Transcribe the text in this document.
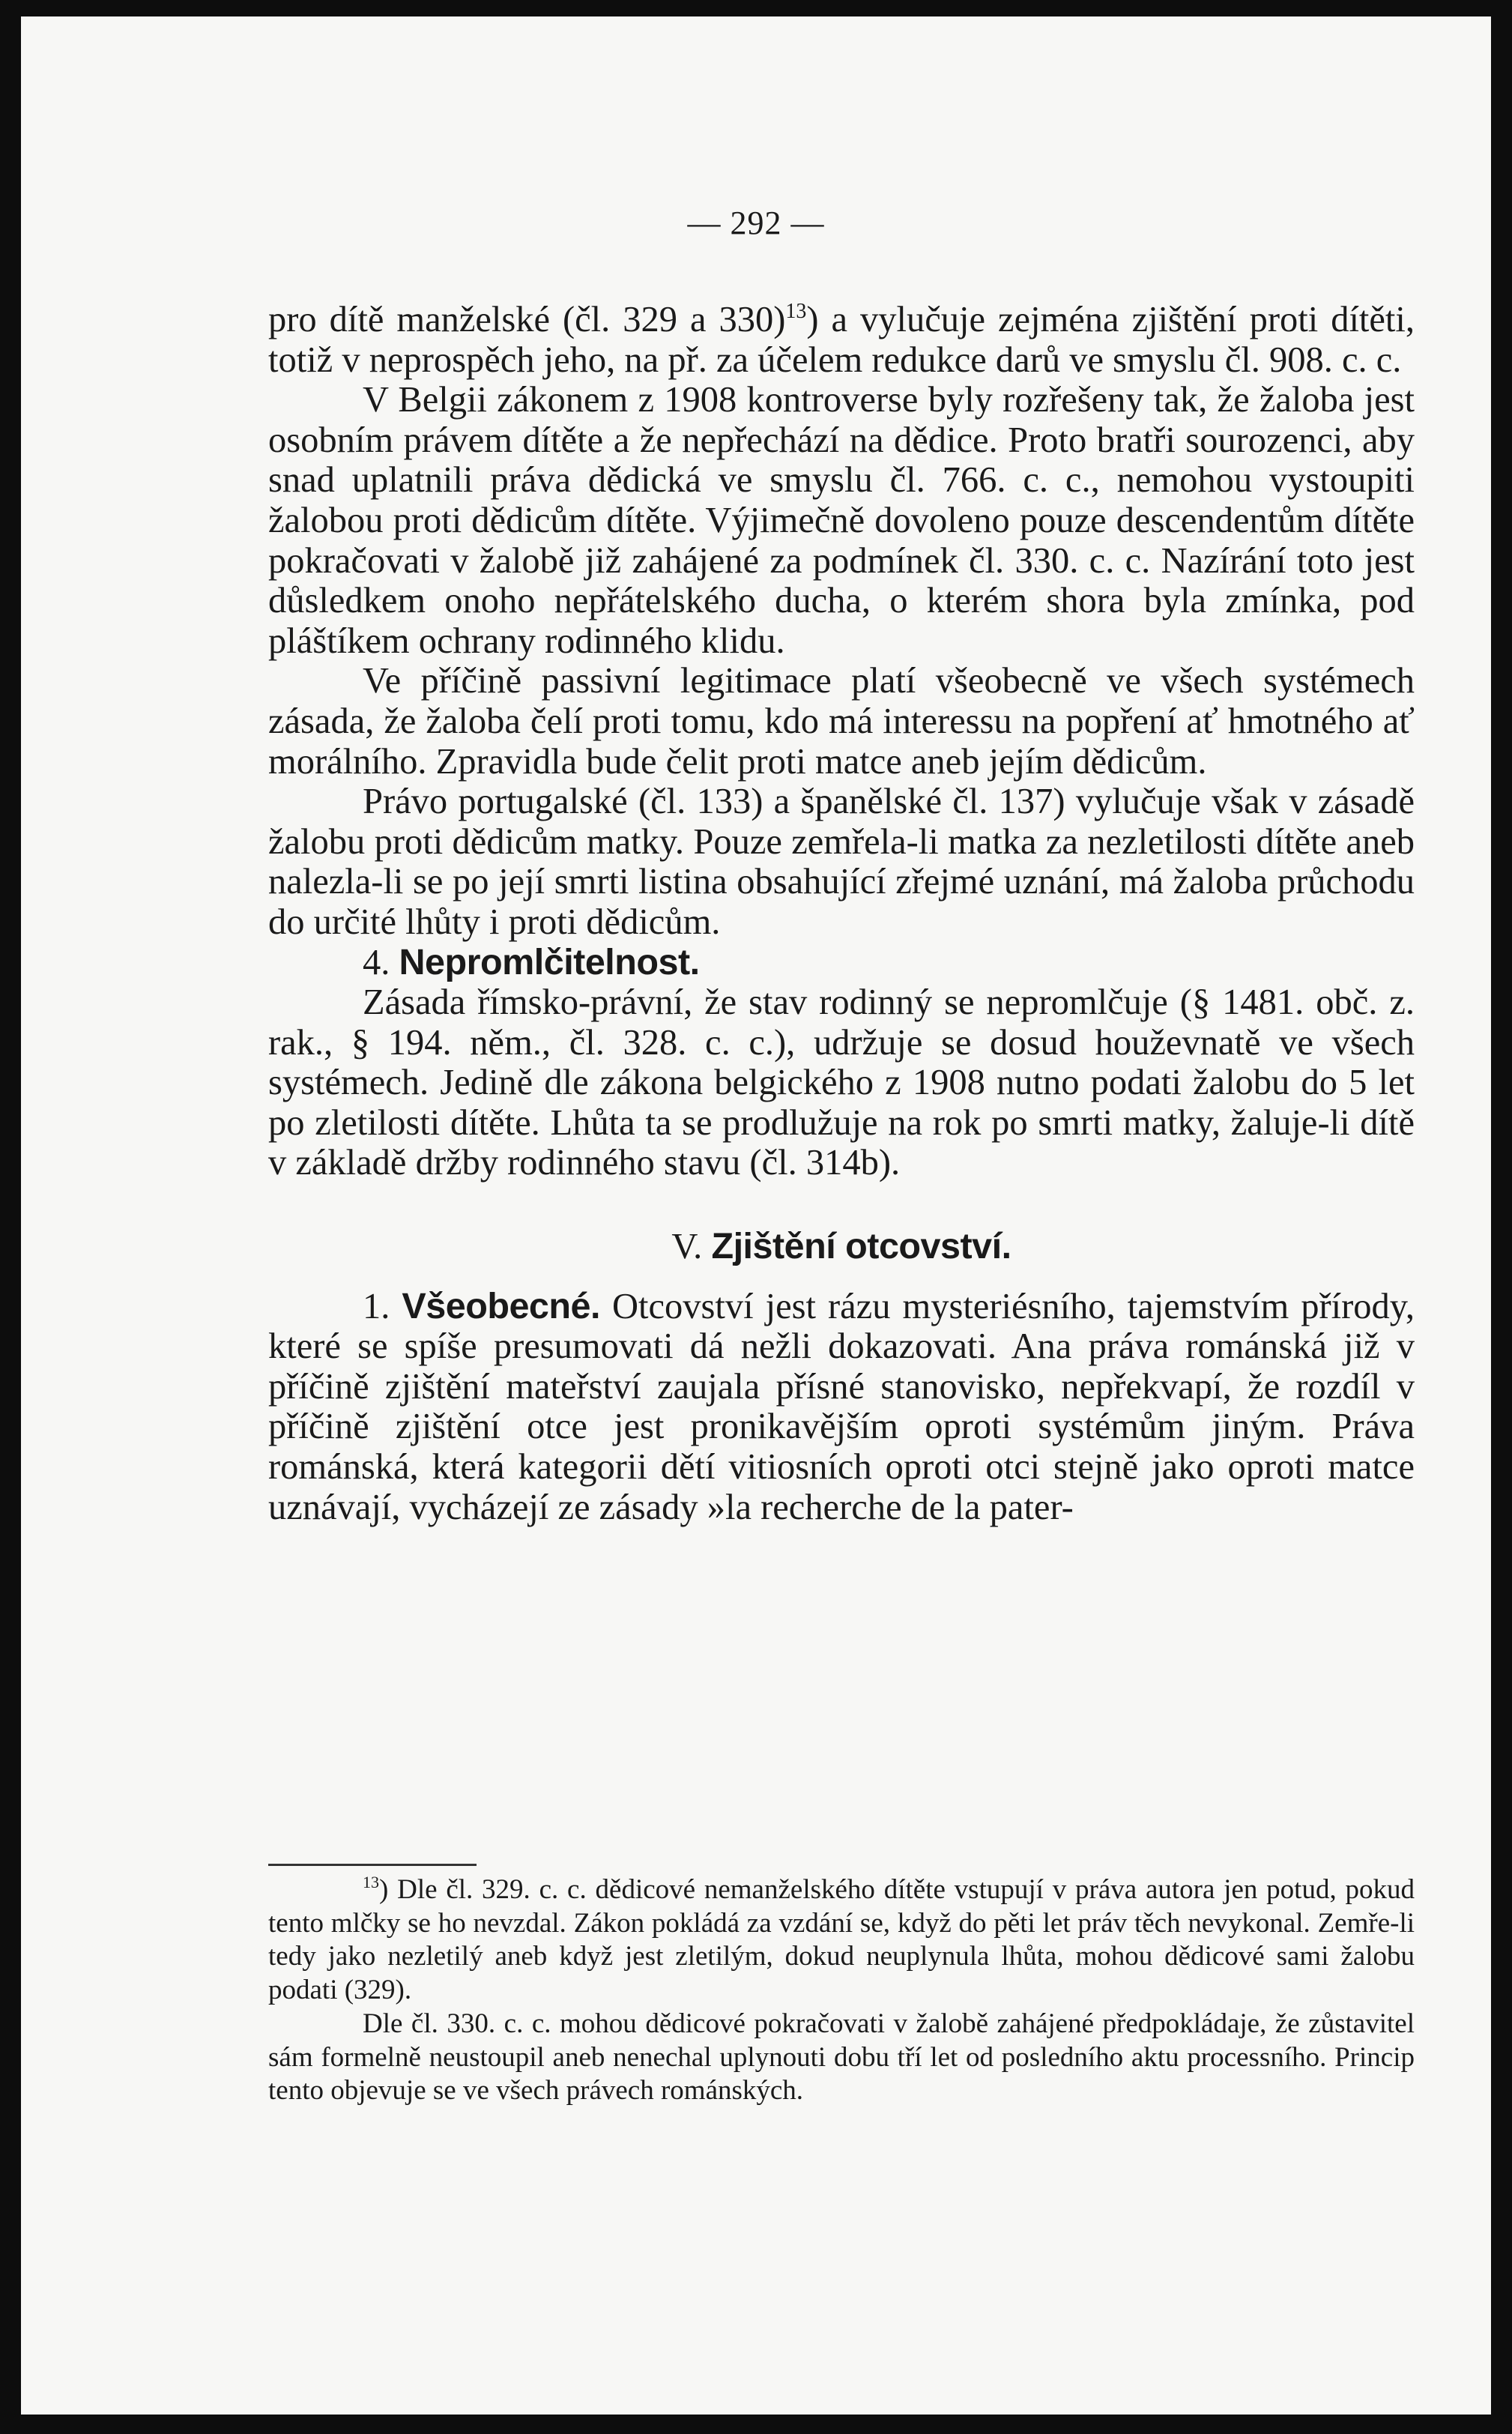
— 292 —

pro dítě manželské (čl. 329 a 330)$^{13}$) a vylučuje zejména zjištění proti dítěti, totiž v neprospěch jeho, na př. za účelem redukce darů ve smyslu čl. 908. c. c.

V Belgii zákonem z 1908 kontroverse byly rozřešeny tak, že žaloba jest osobním právem dítěte a že nepřechází na dědice. Proto bratři sourozenci, aby snad uplatnili práva dědická ve smyslu čl. 766. c. c., nemohou vystoupiti žalobou proti dědicům dítěte. Výjimečně dovoleno pouze descendentům dítěte pokračovati v žalobě již zahájené za podmínek čl. 330. c. c. Nazírání toto jest důsledkem onoho nepřátelského ducha, o kterém shora byla zmínka, pod pláštíkem ochrany rodinného klidu.

Ve příčině passivní legitimace platí všeobecně ve všech systémech zásada, že žaloba čelí proti tomu, kdo má interessu na popření ať hmotného ať morálního. Zpravidla bude čelit proti matce aneb jejím dědicům.

Právo portugalské (čl. 133) a španělské čl. 137) vylučuje však v zásadě žalobu proti dědicům matky. Pouze zemřela-li matka za nezletilosti dítěte aneb nalezla-li se po její smrti listina obsahující zřejmé uznání, má žaloba průchodu do určité lhůty i proti dědicům.

4. Nepromlčitelnost.

Zásada římsko-právní, že stav rodinný se nepromlčuje (§ 1481. obč. z. rak., § 194. něm., čl. 328. c. c.), udržuje se dosud houževnatě ve všech systémech. Jedině dle zákona belgického z 1908 nutno podati žalobu do 5 let po zletilosti dítěte. Lhůta ta se prodlužuje na rok po smrti matky, žaluje-li dítě v základě držby rodinného stavu (čl. 314b).

V. Zjištění otcovství.

1. Všeobecné. Otcovství jest rázu mysteriésního, tajemstvím přírody, které se spíše presumovati dá nežli dokazovati. Ana práva románská již v příčině zjištění mateřství zaujala přísné stanovisko, nepřekvapí, že rozdíl v příčině zjištění otce jest pronikavějším oproti systémům jiným. Práva románská, která kategorii dětí vitiosních oproti otci stejně jako oproti matce uznávají, vycházejí ze zásady »la recherche de la pater-

$^{13}$) Dle čl. 329. c. c. dědicové nemanželského dítěte vstupují v práva autora jen potud, pokud tento mlčky se ho nevzdal. Zákon pokládá za vzdání se, když do pěti let práv těch nevykonal. Zemře-li tedy jako nezletilý aneb když jest zletilým, dokud neuplynula lhůta, mohou dědicové sami žalobu podati (329).

Dle čl. 330. c. c. mohou dědicové pokračovati v žalobě zahájené předpokládaje, že zůstavitel sám formelně neustoupil aneb nenechal uplynouti dobu tří let od posledního aktu processního. Princip tento objevuje se ve všech právech románských.
